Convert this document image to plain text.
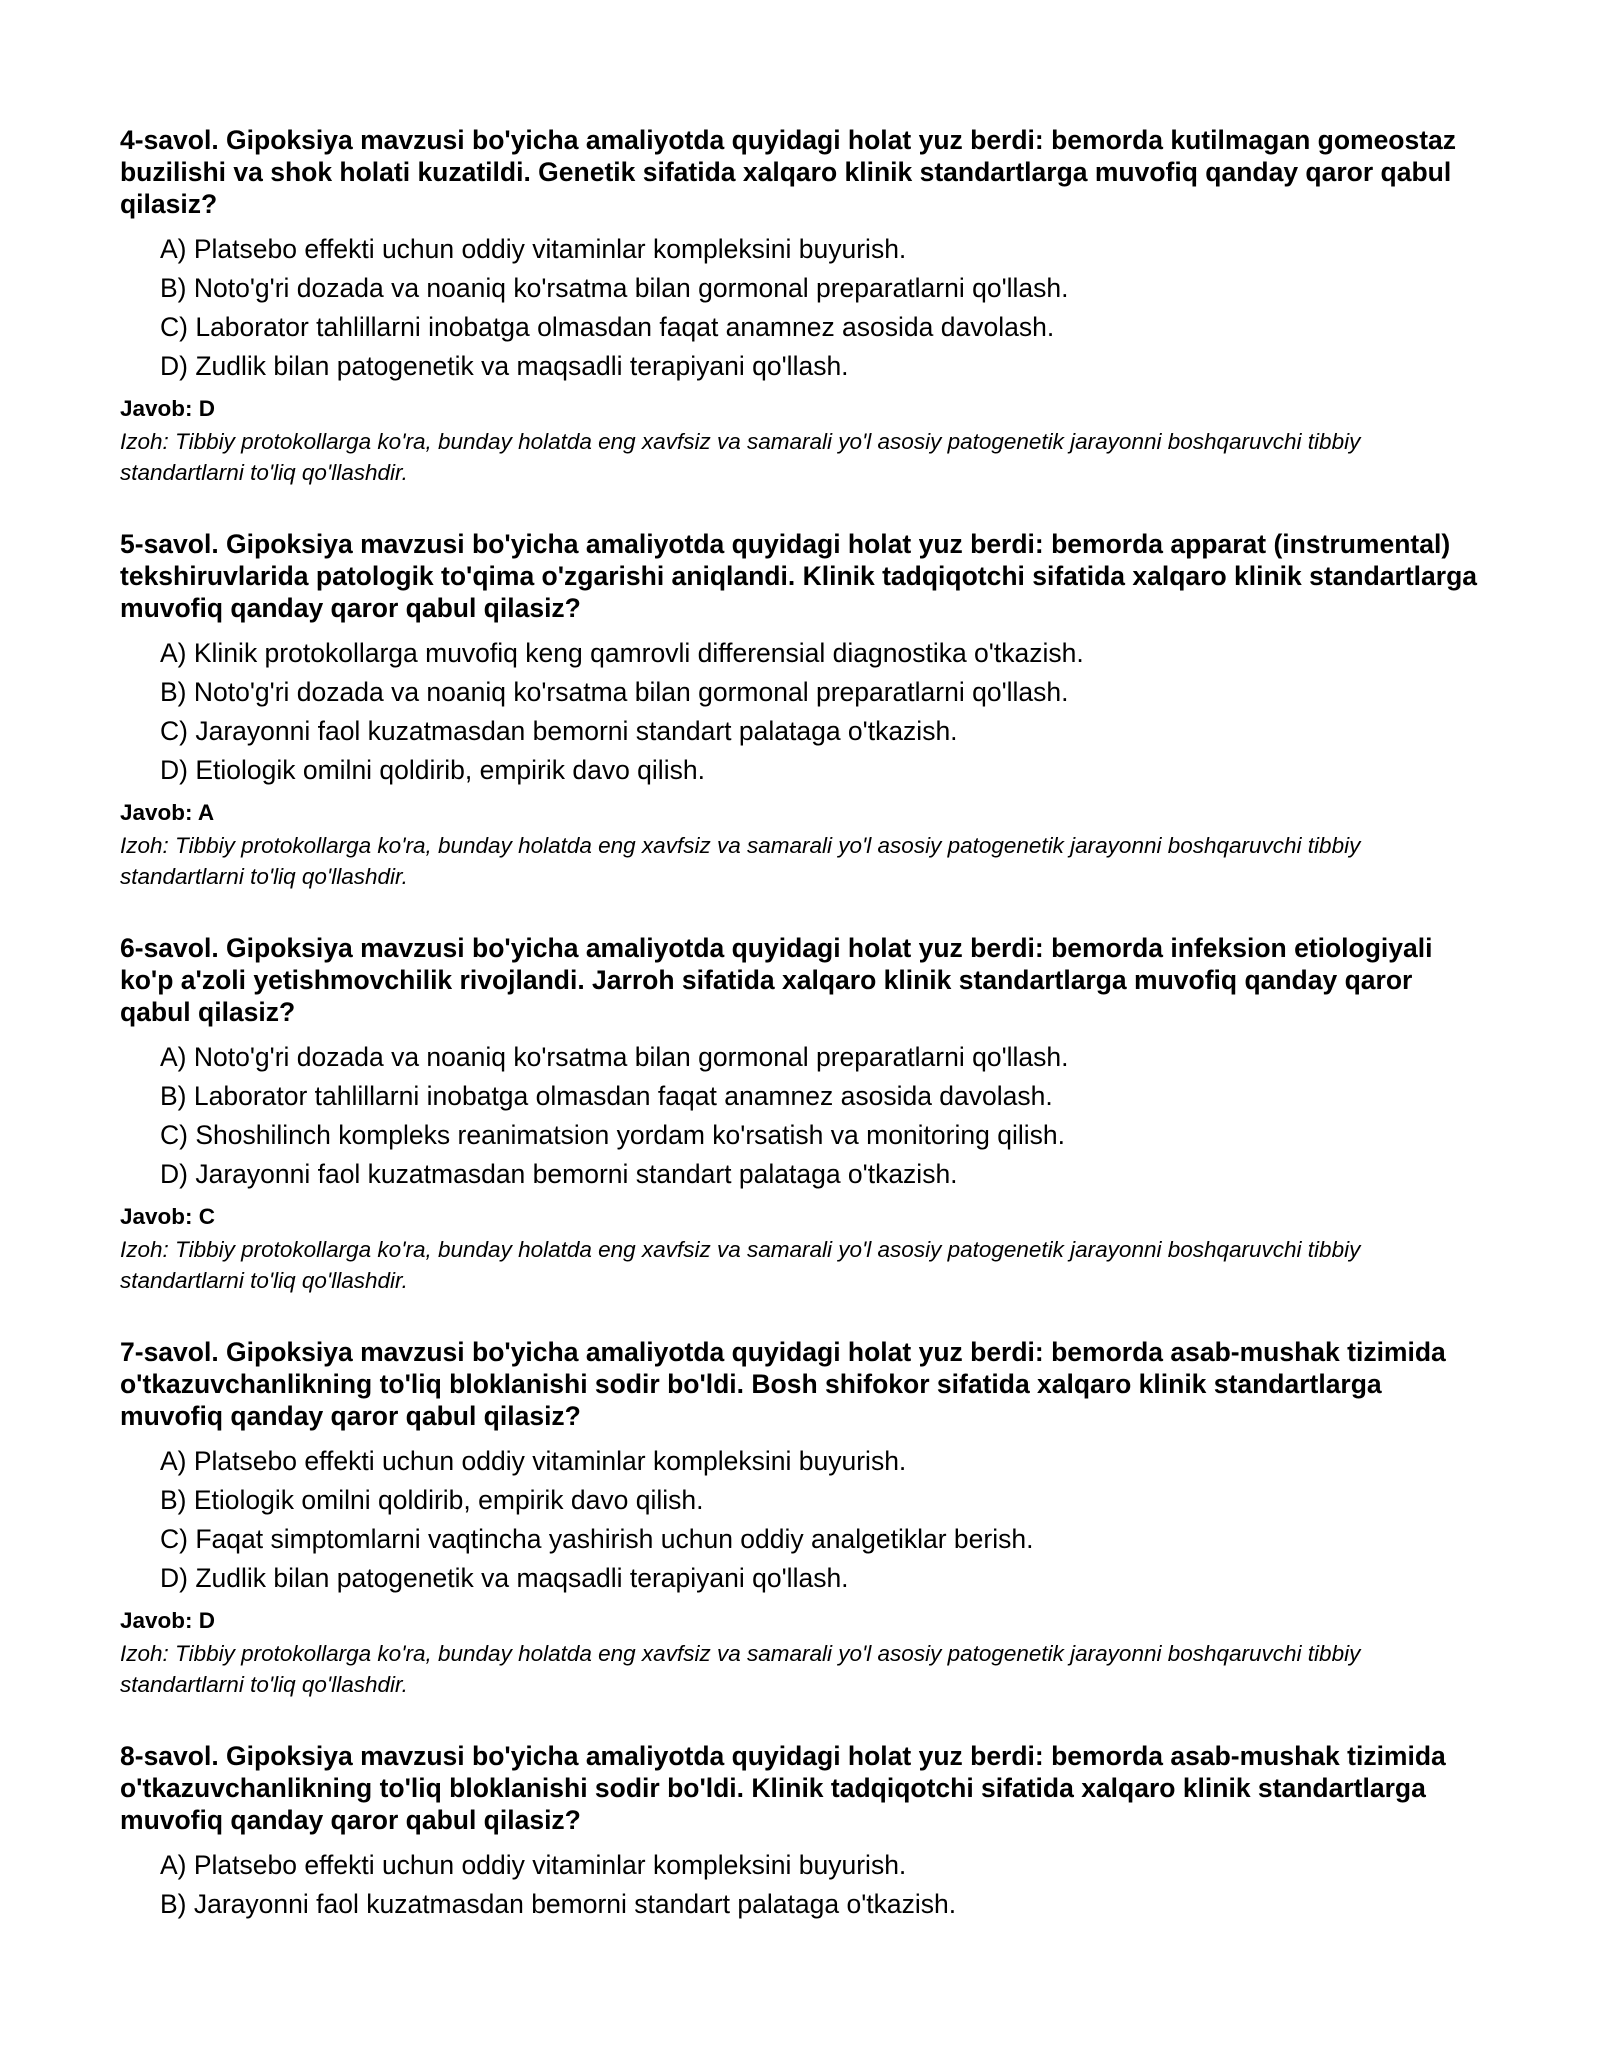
4-savol. Gipoksiya mavzusi bo'yicha amaliyotda quyidagi holat yuz berdi: bemorda kutilmagan gomeostaz buzilishi va shok holati kuzatildi. Genetik sifatida xalqaro klinik standartlarga muvofiq qanday qaror qabul qilasiz?
A) Platsebo effekti uchun oddiy vitaminlar kompleksini buyurish.
B) Noto'g'ri dozada va noaniq ko'rsatma bilan gormonal preparatlarni qo'llash.
C) Laborator tahlillarni inobatga olmasdan faqat anamnez asosida davolash.
D) Zudlik bilan patogenetik va maqsadli terapiyani qo'llash.
Javob: D

Izoh: Tibbiy protokollarga ko'ra, bunday holatda eng xavfsiz va samarali yo'l asosiy patogenetik jarayonni boshqaruvchi tibbiy standartlarni to'liq qo'llashdir.

5-savol. Gipoksiya mavzusi bo'yicha amaliyotda quyidagi holat yuz berdi: bemorda apparat (instrumental) tekshiruvlarida patologik to'qima o'zgarishi aniqlandi. Klinik tadqiqotchi sifatida xalqaro klinik standartlarga muvofiq qanday qaror qabul qilasiz?
A) Klinik protokollarga muvofiq keng qamrovli differensial diagnostika o'tkazish.
B) Noto'g'ri dozada va noaniq ko'rsatma bilan gormonal preparatlarni qo'llash.
C) Jarayonni faol kuzatmasdan bemorni standart palataga o'tkazish.
D) Etiologik omilni qoldirib, empirik davo qilish.
Javob: A

Izoh: Tibbiy protokollarga ko'ra, bunday holatda eng xavfsiz va samarali yo'l asosiy patogenetik jarayonni boshqaruvchi tibbiy standartlarni to'liq qo'llashdir.

6-savol. Gipoksiya mavzusi bo'yicha amaliyotda quyidagi holat yuz berdi: bemorda infeksion etiologiyali ko'p a'zoli yetishmovchilik rivojlandi. Jarroh sifatida xalqaro klinik standartlarga muvofiq qanday qaror qabul qilasiz?
A) Noto'g'ri dozada va noaniq ko'rsatma bilan gormonal preparatlarni qo'llash.
B) Laborator tahlillarni inobatga olmasdan faqat anamnez asosida davolash.
C) Shoshilinch kompleks reanimatsion yordam ko'rsatish va monitoring qilish.
D) Jarayonni faol kuzatmasdan bemorni standart palataga o'tkazish.
Javob: C

Izoh: Tibbiy protokollarga ko'ra, bunday holatda eng xavfsiz va samarali yo'l asosiy patogenetik jarayonni boshqaruvchi tibbiy standartlarni to'liq qo'llashdir.

7-savol. Gipoksiya mavzusi bo'yicha amaliyotda quyidagi holat yuz berdi: bemorda asab-mushak tizimida o'tkazuvchanlikning to'liq bloklanishi sodir bo'ldi. Bosh shifokor sifatida xalqaro klinik standartlarga muvofiq qanday qaror qabul qilasiz?
A) Platsebo effekti uchun oddiy vitaminlar kompleksini buyurish.
B) Etiologik omilni qoldirib, empirik davo qilish.
C) Faqat simptomlarni vaqtincha yashirish uchun oddiy analgetiklar berish.
D) Zudlik bilan patogenetik va maqsadli terapiyani qo'llash.
Javob: D

Izoh: Tibbiy protokollarga ko'ra, bunday holatda eng xavfsiz va samarali yo'l asosiy patogenetik jarayonni boshqaruvchi tibbiy standartlarni to'liq qo'llashdir.

8-savol. Gipoksiya mavzusi bo'yicha amaliyotda quyidagi holat yuz berdi: bemorda asab-mushak tizimida o'tkazuvchanlikning to'liq bloklanishi sodir bo'ldi. Klinik tadqiqotchi sifatida xalqaro klinik standartlarga muvofiq qanday qaror qabul qilasiz?
A) Platsebo effekti uchun oddiy vitaminlar kompleksini buyurish.
B) Jarayonni faol kuzatmasdan bemorni standart palataga o'tkazish.
